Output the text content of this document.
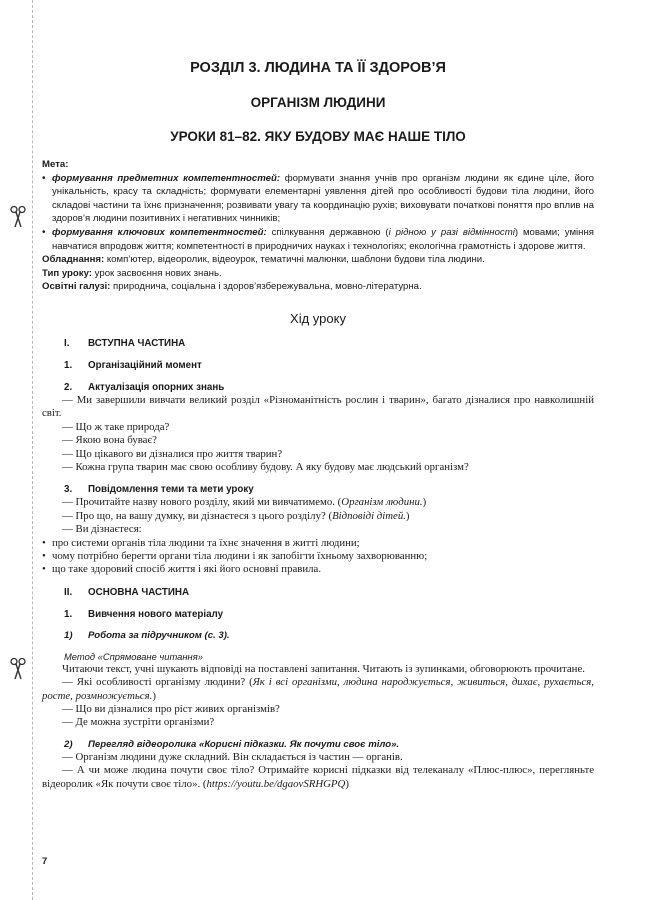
РОЗДІЛ 3. ЛЮДИНА ТА ЇЇ ЗДОРОВ’Я
ОРГАНІЗМ ЛЮДИНИ
УРОКИ 81–82. ЯКУ БУДОВУ МАЄ НАШЕ ТІЛО
Мета:
• формування предметних компетентностей: формувати знання учнів про організм людини як єдине ціле, його унікальність, красу та складність; формувати елементарні уявлення дітей про особливості будови тіла людини, його складові частини та їхнє призначення; розвивати увагу та координацію рухів; виховувати початкові поняття про вплив на здоров’я людини позитивних і негативних чинників;
• формування ключових компетентностей: спілкування державною (і рідною у разі відмінності) мовами; уміння навчатися впродовж життя; компетентності в природничих науках і технологіях; екологічна грамотність і здорове життя.
Обладнання: комп’ютер, відеоролик, відеоурок, тематичні малюнки, шаблони будови тіла людини.
Тип уроку: урок засвоєння нових знань.
Освітні галузі: природнича, соціальна і здоров’язбережувальна, мовно-літературна.
Хід уроку
I. ВСТУПНА ЧАСТИНА
1. Організаційний момент
2. Актуалізація опорних знань

— Ми завершили вивчати великий розділ «Різноманітність рослин і тварин», багато дізналися про навколишній світ.

— Що ж таке природа?

— Якою вона буває?

— Що цікавого ви дізналися про життя тварин?

— Кожна група тварин має свою особливу будову. А яку будову має людський організм?

3. Повідомлення теми та мети уроку

— Прочитайте назву нового розділу, який ми вивчатимемо. (Організм людини.)

— Про що, на вашу думку, ви дізнаєтеся з цього розділу? (Відповіді дітей.)

— Ви дізнаєтеся:

• про системи органів тіла людини та їхнє значення в житті людини;
• чому потрібно берегти органи тіла людини і як запобігти їхньому захворюванню;
• що таке здоровий спосіб життя і які його основні правила.
II. ОСНОВНА ЧАСТИНА
1. Вивчення нового матеріалу
1) Робота за підручником (с. 3).
Метод «Спрямоване читання»

Читаючи текст, учні шукають відповіді на поставлені запитання. Читають із зупинками, обговорюють прочитане.

— Які особливості організму людини? (Як і всі організми, людина народжується, живиться, дихає, рухається, росте, розмножується.)

— Що ви дізналися про ріст живих організмів?

— Де можна зустріти організми?

2) Перегляд відеоролика «Корисні підказки. Як почути своє тіло».

— Організм людини дуже складний. Він складається із частин — органів.

— А чи може людина почути своє тіло? Отримайте корисні підказки від телеканалу «Плюс-плюс», перегляньте відеоролик «Як почути своє тіло». (https://youtu.be/dgaovSRHGPQ)

7
